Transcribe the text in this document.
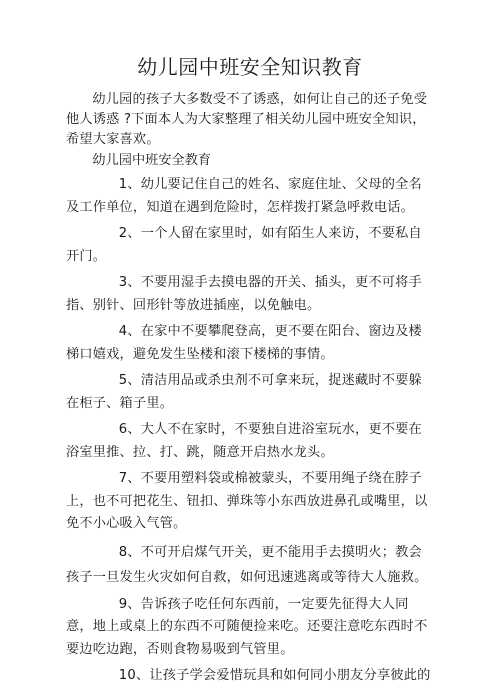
幼儿园中班安全知识教育

幼儿园的孩子大多数受不了诱惑，如何让自己的还子免受他人诱惑 ?下面本人为大家整理了相关幼儿园中班安全知识，希望大家喜欢。

幼儿园中班安全教育

1、幼儿要记住自己的姓名、家庭住址、父母的全名及工作单位，知道在遇到危险时，怎样拨打紧急呼救电话。

2、一个人留在家里时，如有陌生人来访，不要私自开门。

3、不要用湿手去摸电器的开关、插头，更不可将手指、别针、回形针等放进插座，以免触电。

4、在家中不要攀爬登高，更不要在阳台、窗边及楼梯口嬉戏，避免发生坠楼和滚下楼梯的事情。

5、清洁用品或杀虫剂不可拿来玩，捉迷藏时不要躲在柜子、箱子里。

6、大人不在家时，不要独自进浴室玩水，更不要在浴室里推、拉、打、跳，随意开启热水龙头。

7、不要用塑料袋或棉被蒙头，不要用绳子绕在脖子上，也不可把花生、钮扣、弹珠等小东西放进鼻孔或嘴里，以免不小心吸入气管。

8、不可开启煤气开关，更不能用手去摸明火；教会孩子一旦发生火灾如何自救，如何迅速逃离或等待大人施救。

9、告诉孩子吃任何东西前，一定要先征得大人同意，地上或桌上的东西不可随便捡来吃。还要注意吃东西时不要边吃边跑，否则食物易吸到气管里。

10、让孩子学会爱惜玩具和如何同小朋友分享彼此的
